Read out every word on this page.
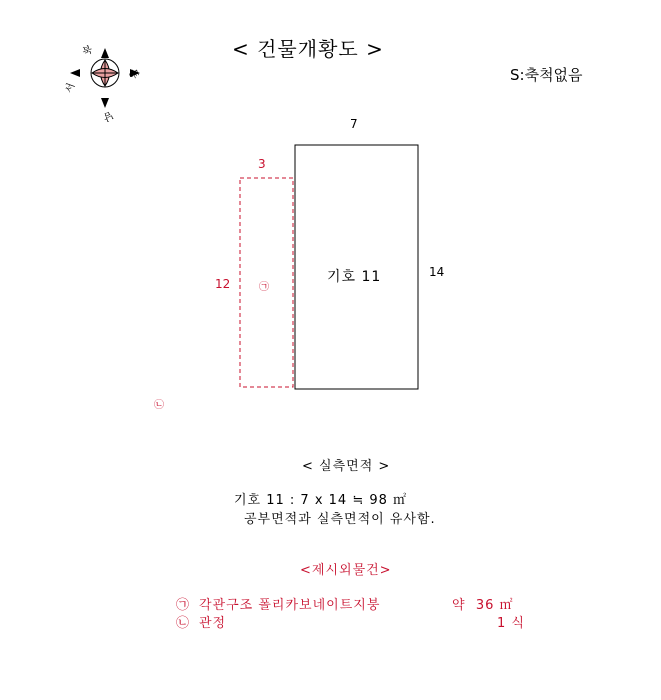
< 건물개황도 >
S:축척없음
북
동
남
서
7
14
기호 11
3
12	㉠
㉡
< 실측면적 >
기호 11 : 7 x 14 ≒ 98 ㎡
공부면적과 실측면적이 유사함.
<제시외물건>
㉠ 각관구조 폴리카보네이트지붕	약  36 ㎡
㉡ 관정	1 식
